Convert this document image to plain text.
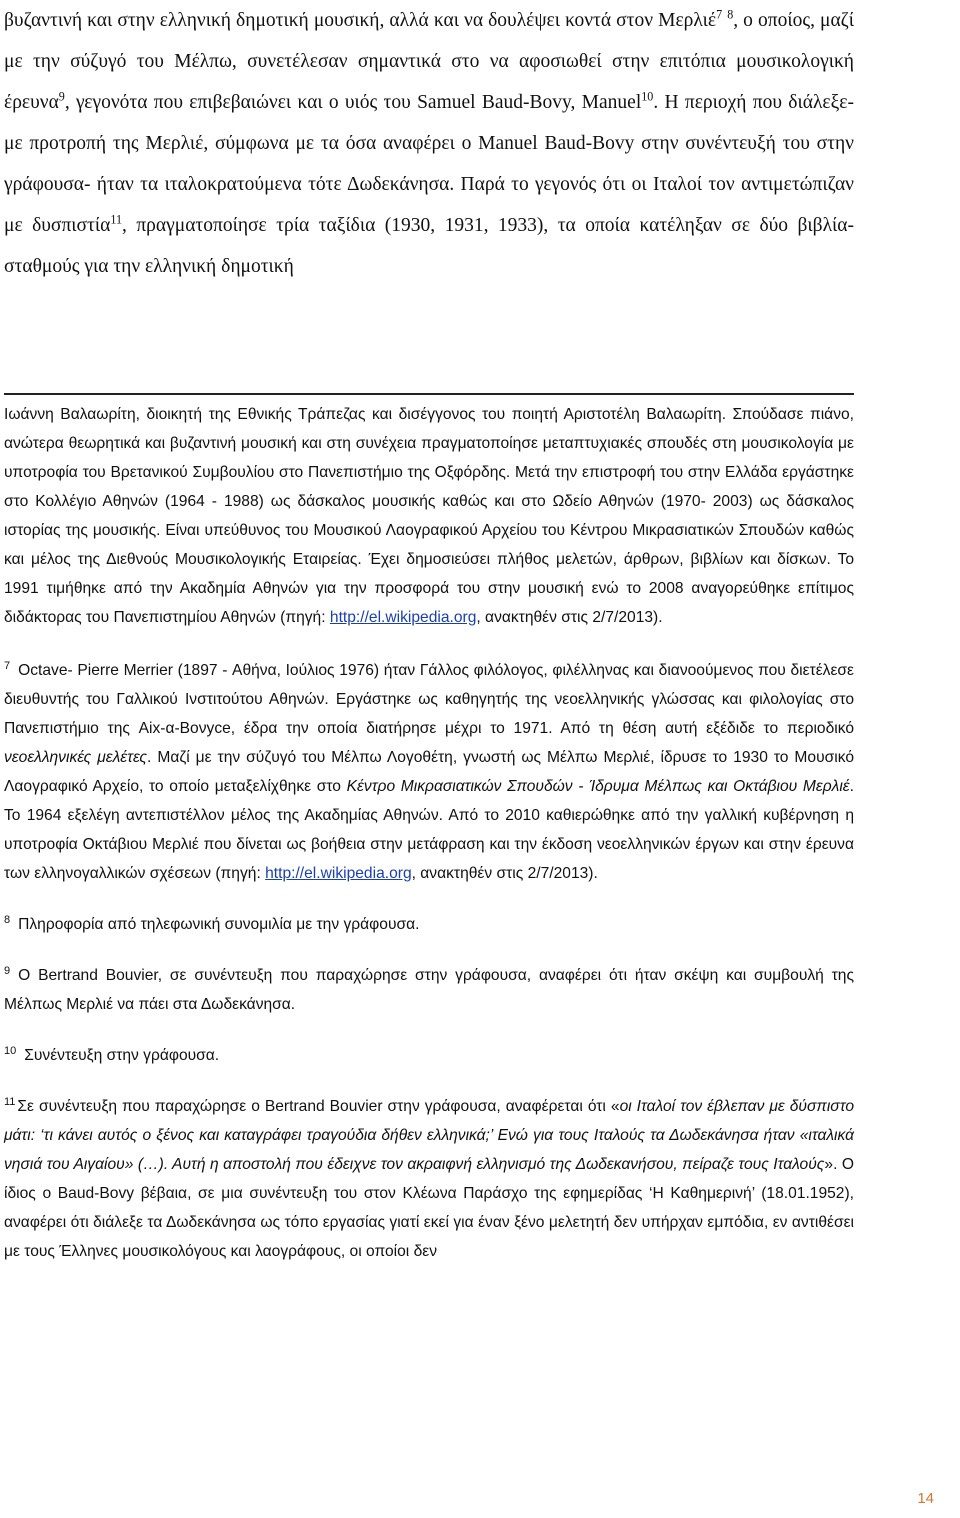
βυζαντινή και στην ελληνική δημοτική μουσική, αλλά και να δουλέψει κοντά στον Μερλιέ$^7$ $^8$, ο οποίος, μαζί με την σύζυγό του Μέλπω, συνετέλεσαν σημαντικά στο να αφοσιωθεί στην επιτόπια μουσικολογική έρευνα$^9$, γεγονότα που επιβεβαιώνει και ο υιός του Samuel Baud-Bovy, Manuel$^{10}$. Η περιοχή που διάλεξε- με προτροπή της Μερλιέ, σύμφωνα με τα όσα αναφέρει ο Manuel Baud-Bovy στην συνέντευξή του στην γράφουσα- ήταν τα ιταλοκρατούμενα τότε Δωδεκάνησα. Παρά το γεγονός ότι οι Ιταλοί τον αντιμετώπιζαν με δυσπιστία$^{11}$, πραγματοποίησε τρία ταξίδια (1930, 1931, 1933), τα οποία κατέληξαν σε δύο βιβλία-σταθμούς για την ελληνική δημοτική

Ιωάννη Βαλαωρίτη, διοικητή της Εθνικής Τράπεζας και δισέγγονος του ποιητή Αριστοτέλη Βαλαωρίτη. Σπούδασε πιάνο, ανώτερα θεωρητικά και βυζαντινή μουσική και στη συνέχεια πραγματοποίησε μεταπτυχιακές σπουδές στη μουσικολογία με υποτροφία του Βρετανικού Συμβουλίου στο Πανεπιστήμιο της Οξφόρδης. Μετά την επιστροφή του στην Ελλάδα εργάστηκε στο Κολλέγιο Αθηνών (1964 - 1988) ως δάσκαλος μουσικής καθώς και στο Ωδείο Αθηνών (1970- 2003) ως δάσκαλος ιστορίας της μουσικής. Είναι υπεύθυνος του Μουσικού Λαογραφικού Αρχείου του Κέντρου Μικρασιατικών Σπουδών καθώς και μέλος της Διεθνούς Μουσικολογικής Εταιρείας. Έχει δημοσιεύσει πλήθος μελετών, άρθρων, βιβλίων και δίσκων. Το 1991 τιμήθηκε από την Ακαδημία Αθηνών για την προσφορά του στην μουσική ενώ το 2008 αναγορεύθηκε επίτιμος διδάκτορας του Πανεπιστημίου Αθηνών (πηγή: http://el.wikipedia.org, ανακτηθέν στις 2/7/2013).

$^7$ Octave- Pierre Merrier (1897 - Αθήνα, Ιούλιος 1976) ήταν Γάλλος φιλόλογος, φιλέλληνας και διανοούμενος που διετέλεσε διευθυντής του Γαλλικού Ινστιτούτου Αθηνών. Εργάστηκε ως καθηγητής της νεοελληνικής γλώσσας και φιλολογίας στο Πανεπιστήμιο της Aix-α-Bονyce, έδρα την οποία διατήρησε μέχρι το 1971. Από τη θέση αυτή εξέδιδε το περιοδικό νεοελληνικές μελέτες. Μαζί με την σύζυγό του Μέλπω Λογοθέτη, γνωστή ως Μέλπω Μερλιέ, ίδρυσε το 1930 το Μουσικό Λαογραφικό Αρχείο, το οποίο μεταξελίχθηκε στο Κέντρο Μικρασιατικών Σπουδών - Ίδρυμα Μέλπως και Οκτάβιου Μερλιέ. Το 1964 εξελέγη αντεπιστέλλον μέλος της Ακαδημίας Αθηνών. Από το 2010 καθιερώθηκε από την γαλλική κυβέρνηση η υποτροφία Οκτάβιου Μερλιέ που δίνεται ως βοήθεια στην μετάφραση και την έκδοση νεοελληνικών έργων και στην έρευνα των ελληνογαλλικών σχέσεων (πηγή: http://el.wikipedia.org, ανακτηθέν στις 2/7/2013).

$^8$ Πληροφορία από τηλεφωνική συνομιλία με την γράφουσα.

$^9$ Ο Bertrand Bouvier, σε συνέντευξη που παραχώρησε στην γράφουσα, αναφέρει ότι ήταν σκέψη και συμβουλή της Μέλπως Μερλιέ να πάει στα Δωδεκάνησα.

$^{10}$ Συνέντευξη στην γράφουσα.

$^{11}$ Σε συνέντευξη που παραχώρησε ο Bertrand Bouvier στην γράφουσα, αναφέρεται ότι «οι Ιταλοί τον έβλεπαν με δύσπιστο μάτι: ‘τι κάνει αυτός ο ξένος και καταγράφει τραγούδια δήθεν ελληνικά;’ Ενώ για τους Ιταλούς τα Δωδεκάνησα ήταν «ιταλικά νησιά του Αιγαίου» (…). Αυτή η αποστολή που έδειχνε τον ακραιφνή ελληνισμό της Δωδεκανήσου, πείραζε τους Ιταλούς». Ο ίδιος ο Baud-Bovy βέβαια, σε μια συνέντευξη του στον Κλέωνα Παράσχο της εφημερίδας ‘Η Καθημερινή’ (18.01.1952), αναφέρει ότι διάλεξε τα Δωδεκάνησα ως τόπο εργασίας γιατί εκεί για έναν ξένο μελετητή δεν υπήρχαν εμπόδια, εν αντιθέσει με τους Έλληνες μουσικολόγους και λαογράφους, οι οποίοι δεν

14
